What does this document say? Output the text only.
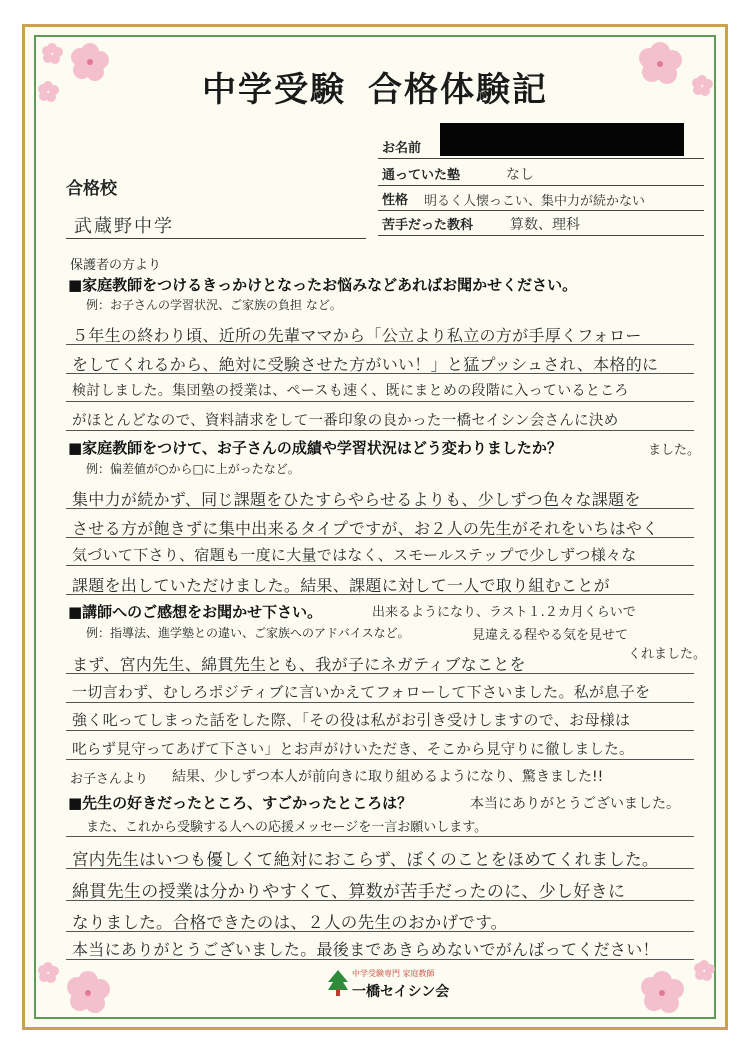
中学受験 合格体験記
お名前
通っていた塾	なし
性格 明るく人懐っこい、集中力が続かない
苦手だった教科	算数、理科
合格校
武蔵野中学
保護者の方より
■家庭教師をつけるきっかけとなったお悩みなどあればお聞かせください。
例：お子さんの学習状況、ご家族の負担 など。
５年生の終わり頃、近所の先輩ママから「公立より私立の方が手厚くフォロー
をしてくれるから、絶対に受験させた方がいい！」と猛プッシュされ、本格的に
検討しました。集団塾の授業は、ペースも速く、既にまとめの段階に入っているところ
がほとんどなので、資料請求をして一番印象の良かった一橋セイシン会さんに決め
■家庭教師をつけて、お子さんの成績や学習状況はどう変わりましたか？	ました。
例：偏差値が○から□に上がったなど。
集中力が続かず、同じ課題をひたすらやらせるよりも、少しずつ色々な課題を
させる方が飽きずに集中出来るタイプですが、お２人の先生がそれをいちはやく
気づいて下さり、宿題も一度に大量ではなく、スモールステップで少しずつ様々な
課題を出していただけました。結果、課題に対して一人で取り組むことが
■講師へのご感想をお聞かせ下さい。	出来るようになり、ラスト１.２カ月くらいで
例：指導法、進学塾との違い、ご家族へのアドバイスなど。	見違える程やる気を見せて
くれました。
まず、宮内先生、綿貫先生とも、我が子にネガティブなことを
一切言わず、むしろポジティブに言いかえてフォローして下さいました。私が息子を
強く叱ってしまった話をした際、「その役は私がお引き受けしますので、お母様は
叱らず見守ってあげて下さい」とお声がけいただき、そこから見守りに徹しました。
お子さんより 結果、少しずつ本人が前向きに取り組めるようになり、驚きました!!
■先生の好きだったところ、すごかったところは？	本当にありがとうございました。
また、これから受験する人への応援メッセージを一言お願いします。
宮内先生はいつも優しくて絶対におこらず、ぼくのことをほめてくれました。
綿貫先生の授業は分かりやすくて、算数が苦手だったのに、少し好きに
なりました。合格できたのは、２人の先生のおかげです。
本当にありがとうございました。最後まであきらめないでがんばってください！
中学受験専門 家庭教師
一橋セイシン会
